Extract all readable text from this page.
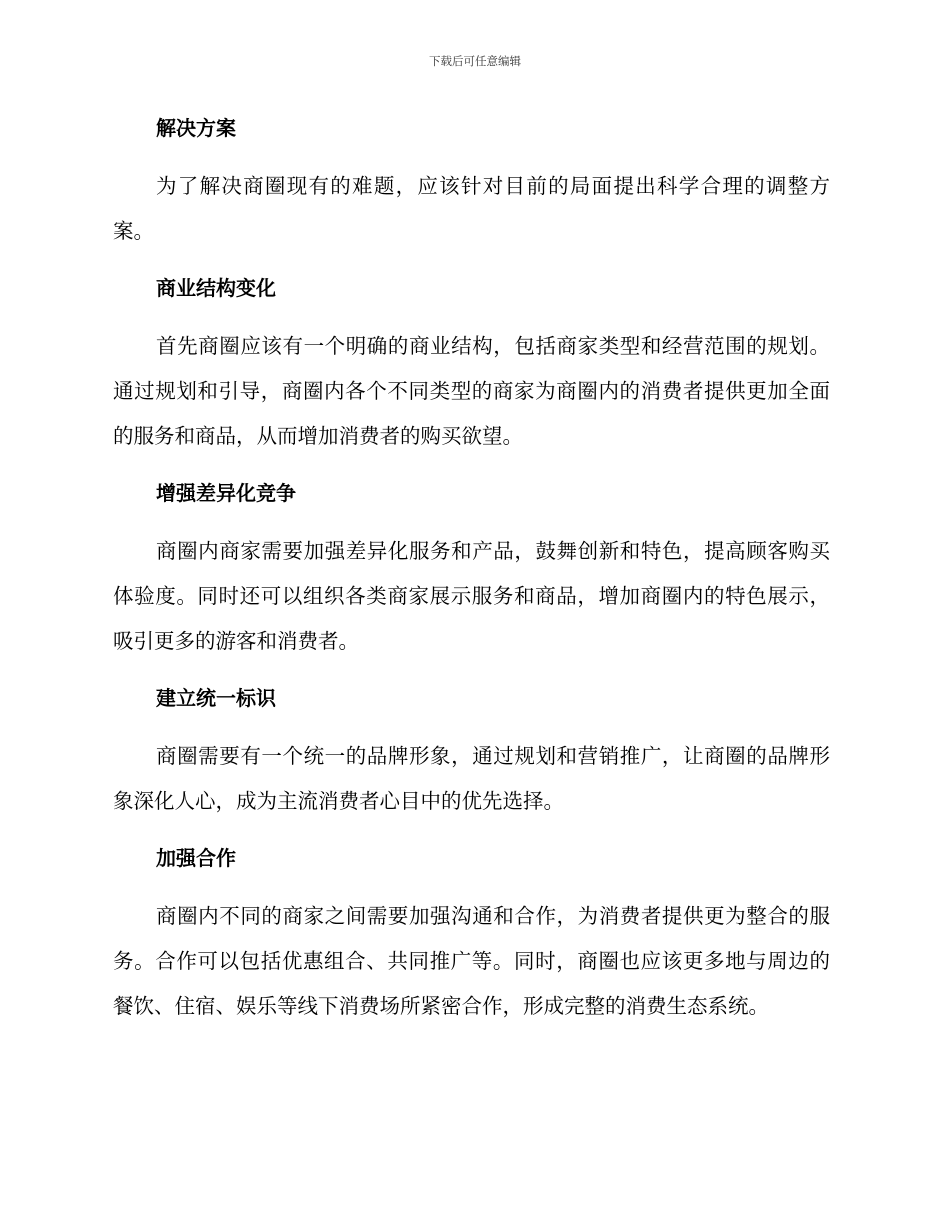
下载后可任意编辑
解决方案
为了解决商圈现有的难题，应该针对目前的局面提出科学合理的调整方案。
商业结构变化
首先商圈应该有一个明确的商业结构，包括商家类型和经营范围的规划。通过规划和引导，商圈内各个不同类型的商家为商圈内的消费者提供更加全面的服务和商品，从而增加消费者的购买欲望。
增强差异化竞争
商圈内商家需要加强差异化服务和产品，鼓舞创新和特色，提高顾客购买体验度。同时还可以组织各类商家展示服务和商品，增加商圈内的特色展示，吸引更多的游客和消费者。
建立统一标识
商圈需要有一个统一的品牌形象，通过规划和营销推广，让商圈的品牌形象深化人心，成为主流消费者心目中的优先选择。
加强合作
商圈内不同的商家之间需要加强沟通和合作，为消费者提供更为整合的服务。合作可以包括优惠组合、共同推广等。同时，商圈也应该更多地与周边的餐饮、住宿、娱乐等线下消费场所紧密合作，形成完整的消费生态系统。
